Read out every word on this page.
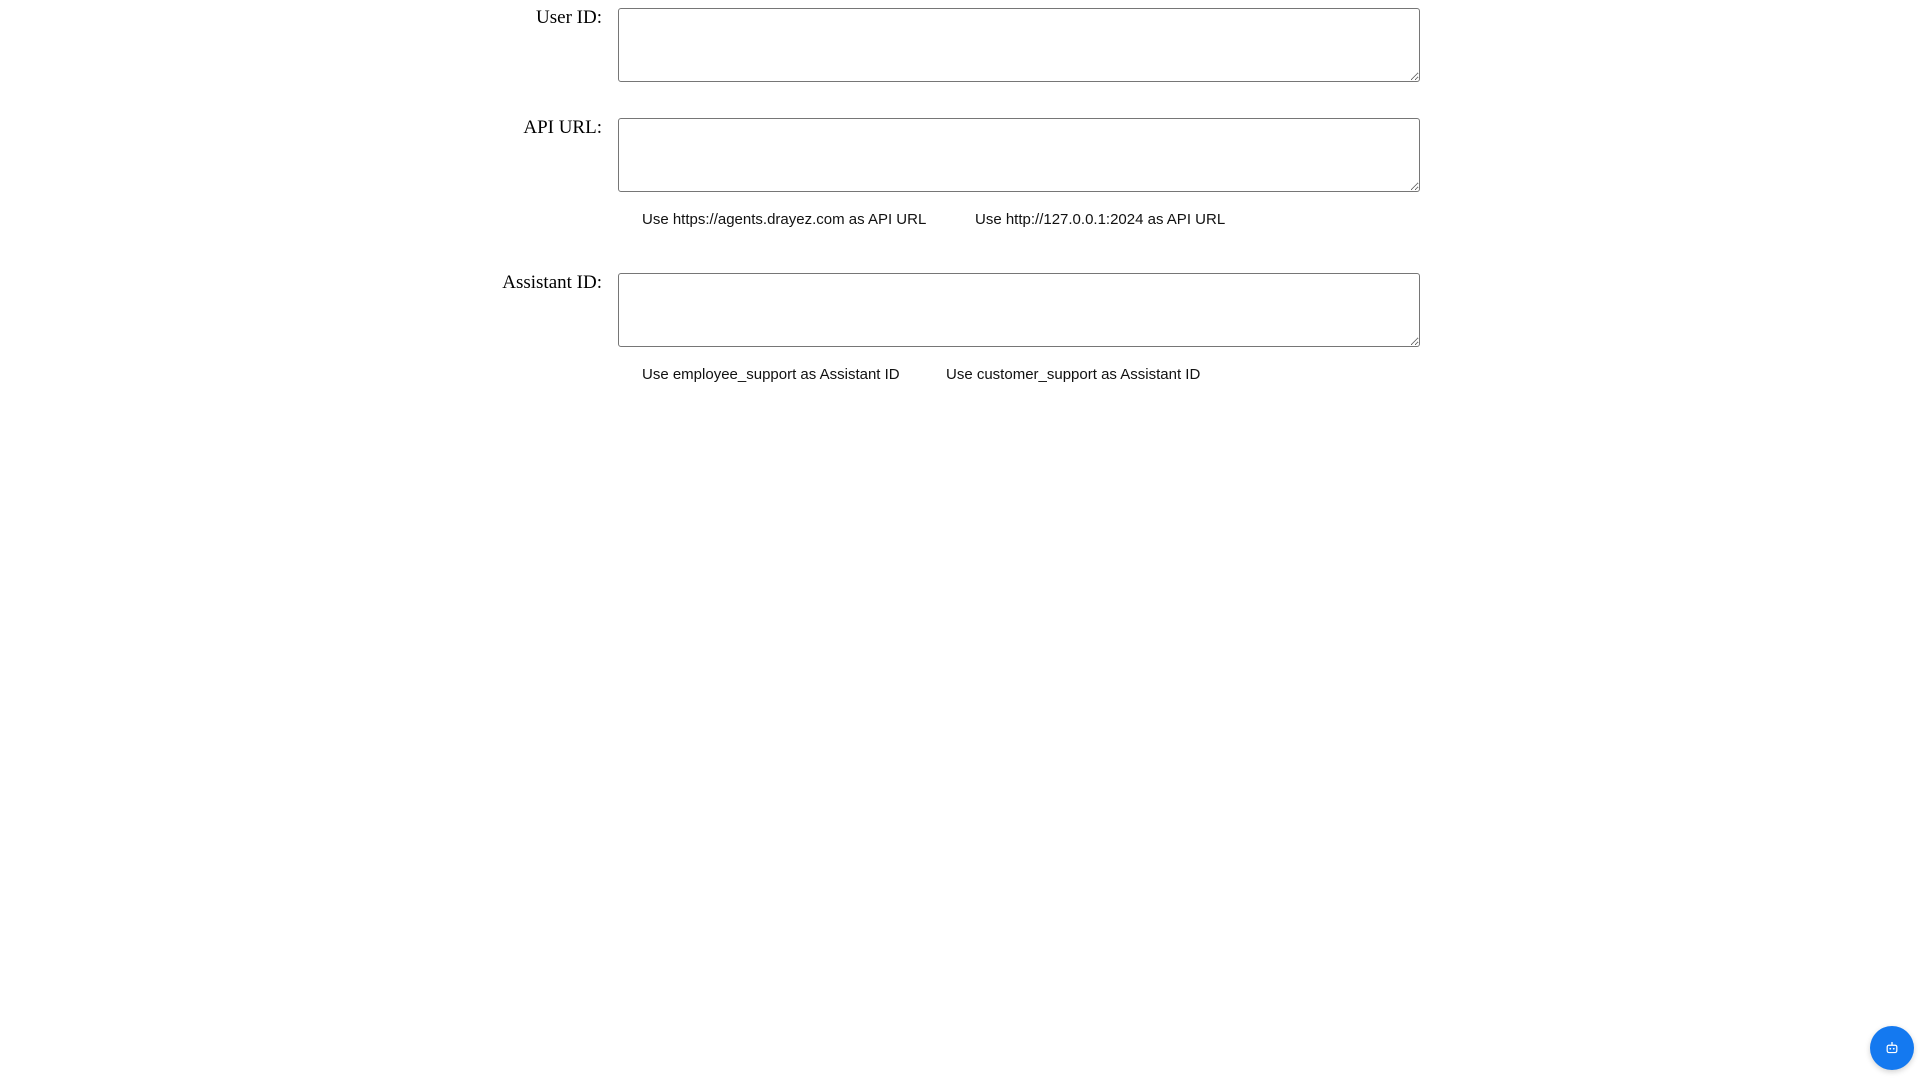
User ID:
API URL:
Use https://agents.drayez.com as API URL	Use http://127.0.0.1:2024 as API URL
Assistant ID:
Use employee_support as Assistant ID	Use customer_support as Assistant ID
